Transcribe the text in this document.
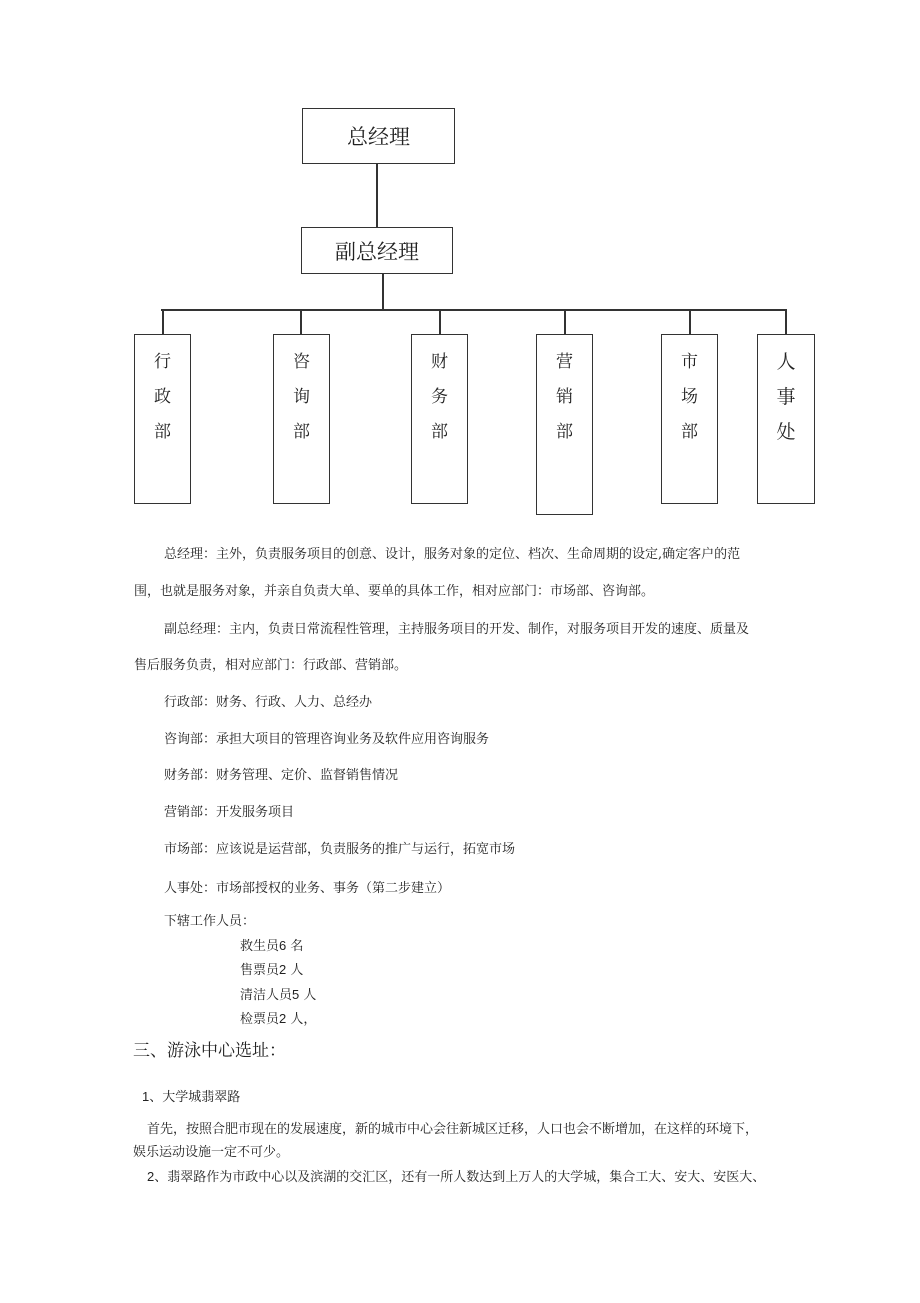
总经理
副总经理
行
政
部
咨
询
部
财
务
部
营
销
部
市
场
部
人
事
处

总经理：主外，负责服务项目的创意、设计，服务对象的定位、档次、生命周期的设定,确定客户的范

围，也就是服务对象，并亲自负责大单、要单的具体工作，相对应部门：市场部、咨询部。

副总经理：主内，负责日常流程性管理，主持服务项目的开发、制作，对服务项目开发的速度、质量及

售后服务负责，相对应部门：行政部、营销部。

行政部：财务、行政、人力、总经办

咨询部：承担大项目的管理咨询业务及软件应用咨询服务

财务部：财务管理、定价、监督销售情况

营销部：开发服务项目

市场部：应该说是运营部，负责服务的推广与运行，拓宽市场

人事处：市场部授权的业务、事务（第二步建立）

下辖工作人员：

救生员6 名

售票员2 人

清洁人员5 人

检票员2 人，

三、游泳中心选址：

1、大学城翡翠路

首先，按照合肥市现在的发展速度，新的城市中心会往新城区迁移，人口也会不断增加，在这样的环境下，

娱乐运动设施一定不可少。

2、翡翠路作为市政中心以及滨湖的交汇区，还有一所人数达到上万人的大学城，集合工大、安大、安医大、
